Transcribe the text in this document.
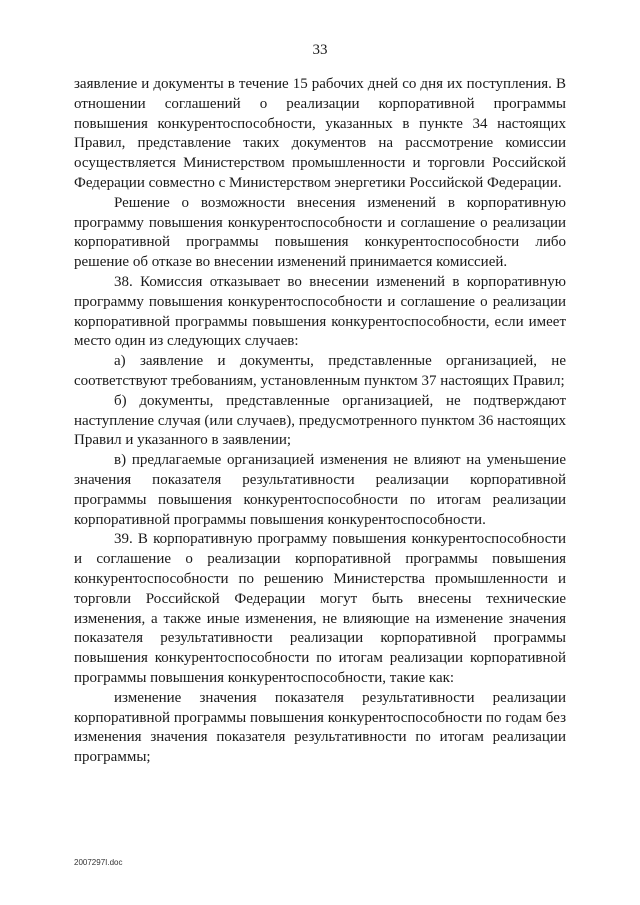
33

заявление и документы в течение 15 рабочих дней со дня их поступления. В отношении соглашений о реализации корпоративной программы повышения конкурентоспособности, указанных в пункте 34 настоящих Правил, представление таких документов на рассмотрение комиссии осуществляется Министерством промышленности и торговли Российской Федерации совместно с Министерством энергетики Российской Федерации.

Решение о возможности внесения изменений в корпоративную программу повышения конкурентоспособности и соглашение о реализации корпоративной программы повышения конкурентоспособности либо решение об отказе во внесении изменений принимается комиссией.

38. Комиссия отказывает во внесении изменений в корпоративную программу повышения конкурентоспособности и соглашение о реализации корпоративной программы повышения конкурентоспособности, если имеет место один из следующих случаев:

а) заявление и документы, представленные организацией, не соответствуют требованиям, установленным пунктом 37 настоящих Правил;

б) документы, представленные организацией, не подтверждают наступление случая (или случаев), предусмотренного пунктом 36 настоящих Правил и указанного в заявлении;

в) предлагаемые организацией изменения не влияют на уменьшение значения показателя результативности реализации корпоративной программы повышения конкурентоспособности по итогам реализации корпоративной программы повышения конкурентоспособности.

39. В корпоративную программу повышения конкурентоспособности и соглашение о реализации корпоративной программы повышения конкурентоспособности по решению Министерства промышленности и торговли Российской Федерации могут быть внесены технические изменения, а также иные изменения, не влияющие на изменение значения показателя результативности реализации корпоративной программы повышения конкурентоспособности по итогам реализации корпоративной программы повышения конкурентоспособности, такие как:

изменение значения показателя результативности реализации корпоративной программы повышения конкурентоспособности по годам без изменения значения показателя результативности по итогам реализации программы;

2007297I.doc
